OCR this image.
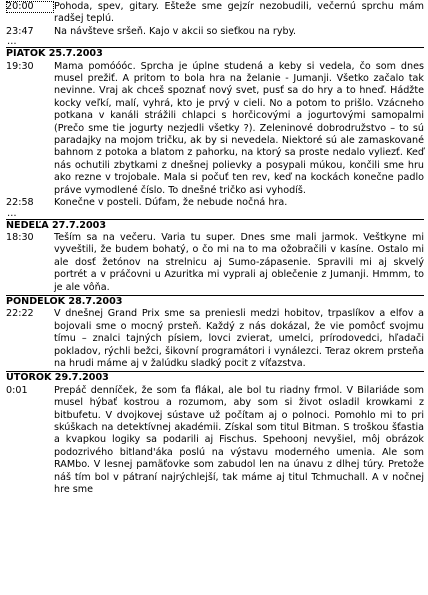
20:00	Pohoda, spev, gitary. Ešteže sme gejzír nezobudili, večernú sprchu mám radšej teplú.
23:47	Na návšteve sršeň. Kajo v akcii so sieťkou na ryby.
…
PIATOK 25.7.2003
19:30	Mama pomóóóc. Sprcha je úplne studená a keby si vedela, čo som dnes musel prežiť. A pritom to bola hra na želanie - Jumanji. Všetko začalo tak nevinne. Vraj ak chceš spoznať nový svet, pusť sa do hry a to hneď. Hádžte kocky veľkí, malí, vyhrá, kto je prvý v cieli. No a potom to prišlo. Vzácneho potkana v kanáli strážili chlapci s horčicovými a jogurtovými samopalmi (Prečo sme tie jogurty nezjedli všetky ?). Zeleninové dobrodružstvo – to sú paradajky na mojom tričku, ak by si nevedela. Niektoré sú ale zamaskované bahnom z potoka a blatom z pahorku, na ktorý sa proste nedalo vyliezť. Keď nás ochutili zbytkami z dnešnej polievky a posypali múkou, končili sme hru ako rezne v trojobale. Mala si počuť ten rev, keď na kockách konečne padlo práve vymodlené číslo. To dnešné tričko asi vyhodíš.
22:58	Konečne v posteli. Dúfam, že nebude nočná hra.
…
NEDEĽA 27.7.2003
18:30	Teším sa na večeru. Varia tu super. Dnes sme mali jarmok. Veštkyne mi vyveštili, že budem bohatý, o čo mi na to ma ožobračili v kasíne. Ostalo mi ale dosť žetónov na strelnicu aj Sumo-zápasenie. Spravili mi aj skvelý portrét a v práčovni u Azuritka mi vyprali aj oblečenie z Jumanji. Hmmm, to je ale vôňa.
PONDELOK 28.7.2003
22:22	V dnešnej Grand Prix sme sa preniesli medzi hobitov, trpaslíkov a elfov a bojovali sme o mocný prsteň. Každý z nás dokázal, že vie pomôcť svojmu tímu – znalci tajných písiem, lovci zvierat, umelci, prírodovedci, hľadači pokladov, rýchli bežci, šikovní programátori i vynálezci. Teraz okrem prsteňa na hrudi máme aj v žalúdku sladký pocit z víťazstva.
UTOROK 29.7.2003
0:01	Prepáč denníček, že som ťa flákal, ale bol tu riadny frmol. V Bilariáde som musel hýbať kostrou a rozumom, aby som si život osladil krowkami z bitbufetu. V dvojkovej sústave už počítam aj o polnoci. Pomohlo mi to pri skúškach na detektívnej akadémii. Získal som titul Bitman. S troškou šťastia a kvapkou logiky sa podarili aj Fischus. Spehoonj nevyšiel, môj obrázok podozrivého bitland'áka poslú na výstavu moderného umenia. Ale som RAMbo. V lesnej pamäťovke som zabudol len na únavu z dlhej túry. Pretože náš tím bol v pátraní najrýchlejší, tak máme aj titul Tchmuchall. A v nočnej hre sme
